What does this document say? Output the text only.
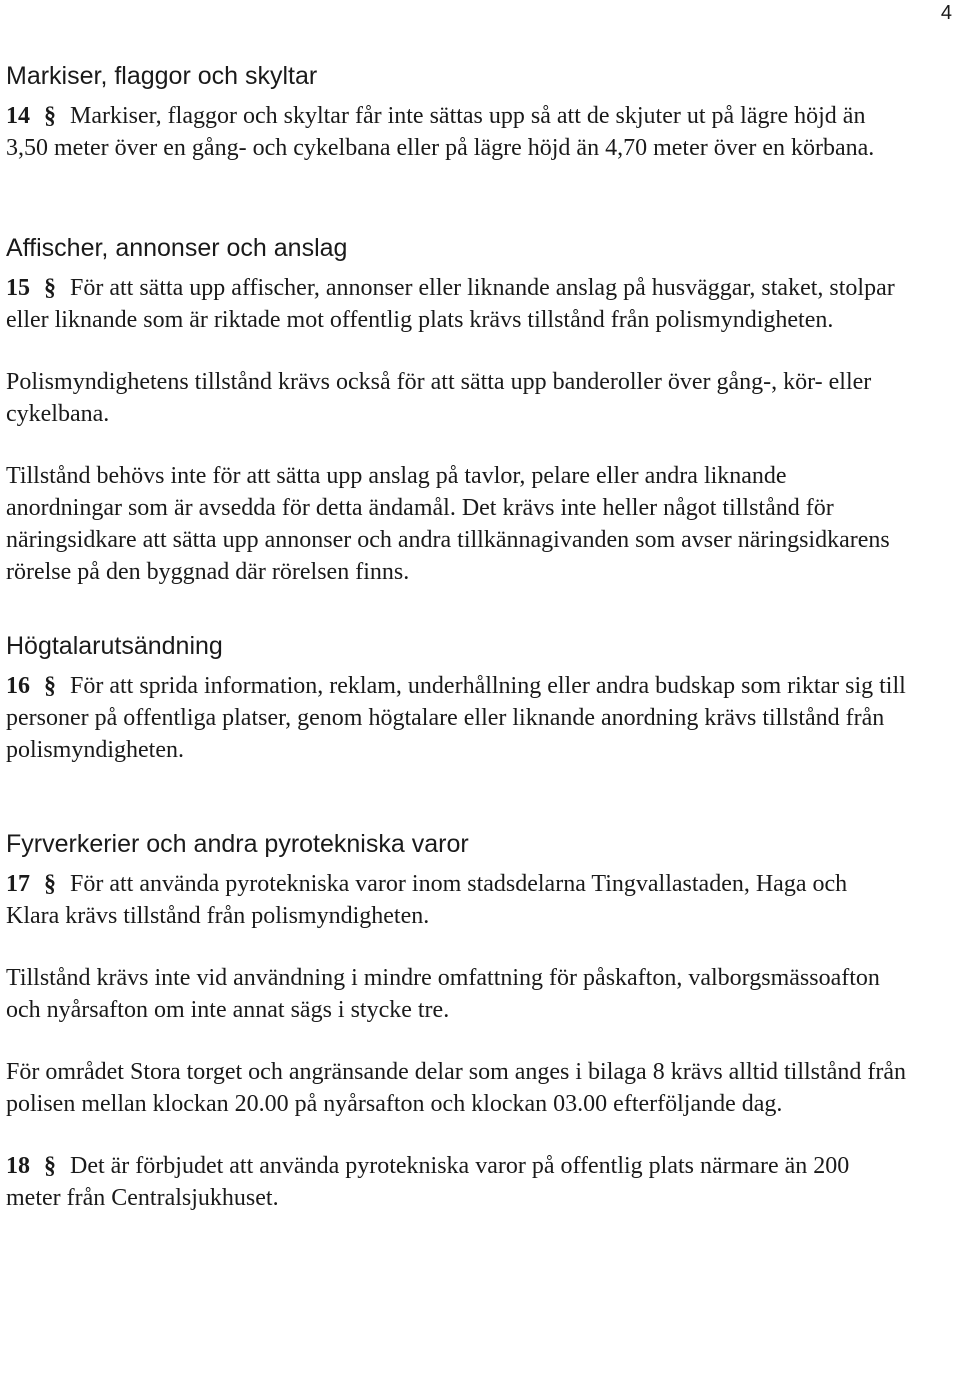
4
Markiser, flaggor och skyltar

14 § Markiser, flaggor och skyltar får inte sättas upp så att de skjuter ut på lägre höjd än 3,50 meter över en gång- och cykelbana eller på lägre höjd än 4,70 meter över en körbana.

Affischer, annonser och anslag

15 § För att sätta upp affischer, annonser eller liknande anslag på husväggar, staket, stolpar eller liknande som är riktade mot offentlig plats krävs tillstånd från polismyndigheten.

Polismyndighetens tillstånd krävs också för att sätta upp banderoller över gång-, kör- eller cykelbana.

Tillstånd behövs inte för att sätta upp anslag på tavlor, pelare eller andra liknande anordningar som är avsedda för detta ändamål. Det krävs inte heller något tillstånd för näringsidkare att sätta upp annonser och andra tillkännagivanden som avser näringsidkarens rörelse på den byggnad där rörelsen finns.

Högtalarutsändning

16 § För att sprida information, reklam, underhållning eller andra budskap som riktar sig till personer på offentliga platser, genom högtalare eller liknande anordning krävs tillstånd från polismyndigheten.

Fyrverkerier och andra pyrotekniska varor

17 § För att använda pyrotekniska varor inom stadsdelarna Tingvallastaden, Haga och Klara krävs tillstånd från polismyndigheten.

Tillstånd krävs inte vid användning i mindre omfattning för påskafton, valborgsmässoafton och nyårsafton om inte annat sägs i stycke tre.

För området Stora torget och angränsande delar som anges i bilaga 8 krävs alltid tillstånd från polisen mellan klockan 20.00 på nyårsafton och klockan 03.00 efterföljande dag.

18 § Det är förbjudet att använda pyrotekniska varor på offentlig plats närmare än 200 meter från Centralsjukhuset.
